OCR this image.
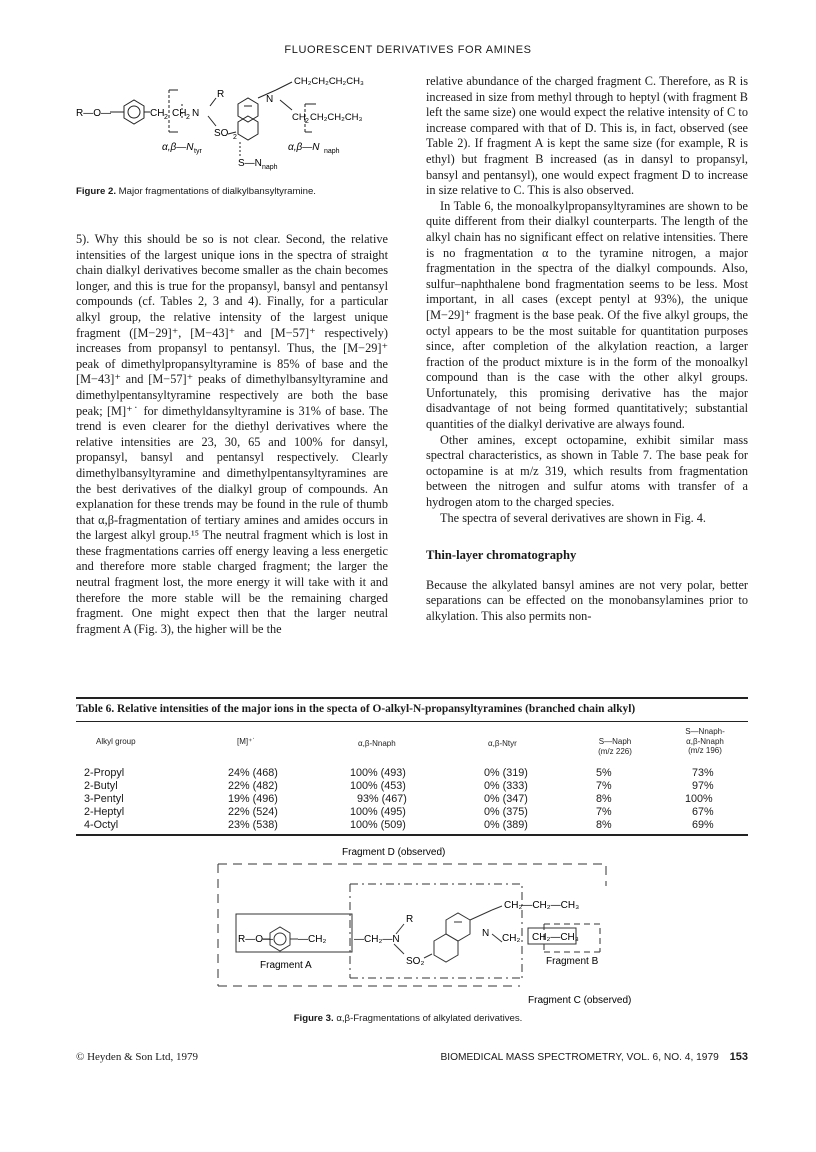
FLUORESCENT DERIVATIVES FOR AMINES
R—O—	CH 2 CH 2 N
R
SO 2
α,β—N tyr
S—N naph
α,β—N naph
N
CH₂CH₂CH₂CH₃
CH 2 CH₂CH₂CH₃
Figure 2. Major fragmentations of dialkylbansyltyramine.

5). Why this should be so is not clear. Second, the relative intensities of the largest unique ions in the spectra of straight chain dialkyl derivatives become smaller as the chain becomes longer, and this is true for the propansyl, bansyl and pentansyl compounds (cf. Tables 2, 3 and 4). Finally, for a particular alkyl group, the relative intensity of the largest unique fragment ([M−29]⁺, [M−43]⁺ and [M−57]⁺ respectively) increases from propansyl to pentansyl. Thus, the [M−29]⁺ peak of dimethylpropansyltyramine is 85% of base and the [M−43]⁺ and [M−57]⁺ peaks of dimethylbansyltyramine and dimethylpentansyltyramine respectively are both the base peak; [M]⁺˙ for dimethyldansyltyramine is 31% of base. The trend is even clearer for the diethyl derivatives where the relative intensities are 23, 30, 65 and 100% for dansyl, propansyl, bansyl and pentansyl respectively. Clearly dimethylbansyltyramine and dimethylpentansyltyramines are the best derivatives of the dialkyl group of compounds. An explanation for these trends may be found in the rule of thumb that α,β-fragmentation of tertiary amines and amides occurs in the largest alkyl group.¹⁵ The neutral fragment which is lost in these fragmentations carries off energy leaving a less energetic and therefore more stable charged fragment; the larger the neutral fragment lost, the more energy it will take with it and therefore the more stable will be the remaining charged fragment. One might expect then that the larger neutral fragment A (Fig. 3), the higher will be the

relative abundance of the charged fragment C. Therefore, as R is increased in size from methyl through to heptyl (with fragment B left the same size) one would expect the relative intensity of C to increase compared with that of D. This is, in fact, observed (see Table 2). If fragment A is kept the same size (for example, R is ethyl) but fragment B increased (as in dansyl to propansyl, bansyl and pentansyl), one would expect fragment D to increase in size relative to C. This is also observed.

In Table 6, the monoalkylpropansyltyramines are shown to be quite different from their dialkyl counterparts. The length of the alkyl chain has no significant effect on relative intensities. There is no fragmentation α to the tyramine nitrogen, a major fragmentation in the spectra of the dialkyl compounds. Also, sulfur–naphthalene bond fragmentation seems to be less. Most important, in all cases (except pentyl at 93%), the unique [M−29]⁺ fragment is the base peak. Of the five alkyl groups, the octyl appears to be the most suitable for quantitation purposes since, after completion of the alkylation reaction, a larger fraction of the product mixture is in the form of the monoalkyl compound than is the case with the other alkyl groups. Unfortunately, this promising derivative has the major disadvantage of not being formed quantitatively; substantial quantities of the dialkyl derivative are always found.

Other amines, except octopamine, exhibit similar mass spectral characteristics, as shown in Table 7. The base peak for octopamine is at m/z 319, which results from fragmentation between the nitrogen and sulfur atoms with transfer of a hydrogen atom to the charged species.

The spectra of several derivatives are shown in Fig. 4.

Thin-layer chromatography

Because the alkylated bansyl amines are not very polar, better separations can be effected on the monobansylamines prior to alkylation. This also permits non-

Table 6. Relative intensities of the major ions in the specta of O-alkyl-N-propansyltyramines (branched chain alkyl)
Alkyl group	[M]⁺˙	α,β-Nnaph	α,β-Ntyr	S—Naph
(m/z 226)
S—Nnaph-
α,β-Nnaph
(m/z 196)
2-Propyl	24% (468)	100% (493)	0% (319)	5%	73%
2-Butyl	22% (482)	100% (453)	0% (333)	7%	97%
3-Pentyl	19% (496)	93% (467)	0% (347)	8%	100%
2-Heptyl	22% (524)	100% (495)	0% (375)	7%	67%
4-Octyl	23% (538)	100% (509)	0% (389)	8%	69%
Fragment D (observed)
R—O—	—CH₂	—CH₂—N
R
SO₂
N
CH₂—CH₂—CH₃
CH₂ CH₂—CH₃
Fragment A	Fragment B
Fragment C (observed)
Figure 3. α,β-Fragmentations of alkylated derivatives.
© Heyden & Son Ltd, 1979	BIOMEDICAL MASS SPECTROMETRY, VOL. 6, NO. 4, 1979 153
